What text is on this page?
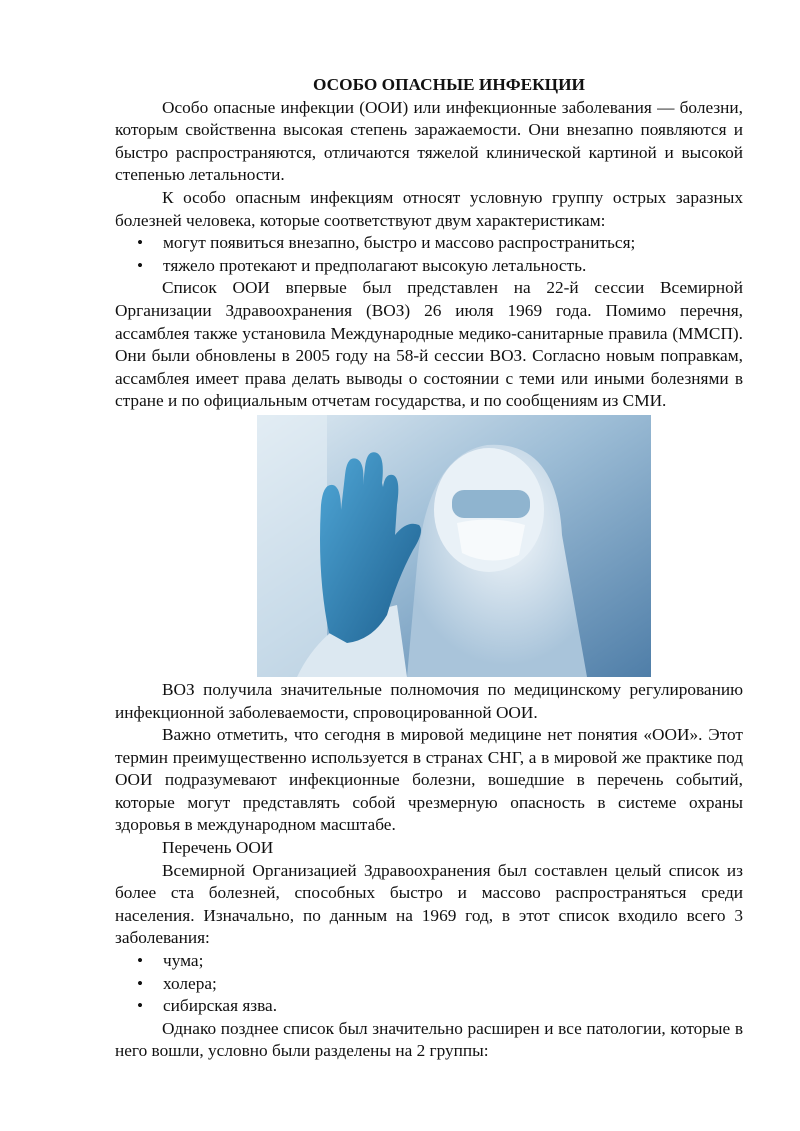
ОСОБО ОПАСНЫЕ ИНФЕКЦИИ

Особо опасные инфекции (ООИ) или инфекционные заболевания — болезни, которым свойственна высокая степень заражаемости. Они внезапно появляются и быстро распространяются, отличаются тяжелой клинической картиной и высокой степенью летальности.

К особо опасным инфекциям относят условную группу острых заразных болезней человека, которые соответствуют двум характеристикам:

• могут появиться внезапно, быстро и массово распространиться;
• тяжело протекают и предполагают высокую летальность.

Список ООИ впервые был представлен на 22-й сессии Всемирной Организации Здравоохранения (ВОЗ) 26 июля 1969 года. Помимо перечня, ассамблея также установила Международные медико-санитарные правила (ММСП). Они были обновлены в 2005 году на 58-й сессии ВОЗ. Согласно новым поправкам, ассамблея имеет права делать выводы о состоянии с теми или иными болезнями в стране и по официальным отчетам государства, и по сообщениям из СМИ.

ВОЗ получила значительные полномочия по медицинскому регулированию инфекционной заболеваемости, спровоцированной ООИ.

Важно отметить, что сегодня в мировой медицине нет понятия «ООИ». Этот термин преимущественно используется в странах СНГ, а в мировой же практике под ООИ подразумевают инфекционные болезни, вошедшие в перечень событий, которые могут представлять собой чрезмерную опасность в системе охраны здоровья в международном масштабе.

Перечень ООИ

Всемирной Организацией Здравоохранения был составлен целый список из более ста болезней, способных быстро и массово распространяться среди населения. Изначально, по данным на 1969 год, в этот список входило всего 3 заболевания:

• чума;
• холера;
• сибирская язва.

Однако позднее список был значительно расширен и все патологии, которые в него вошли, условно были разделены на 2 группы:
